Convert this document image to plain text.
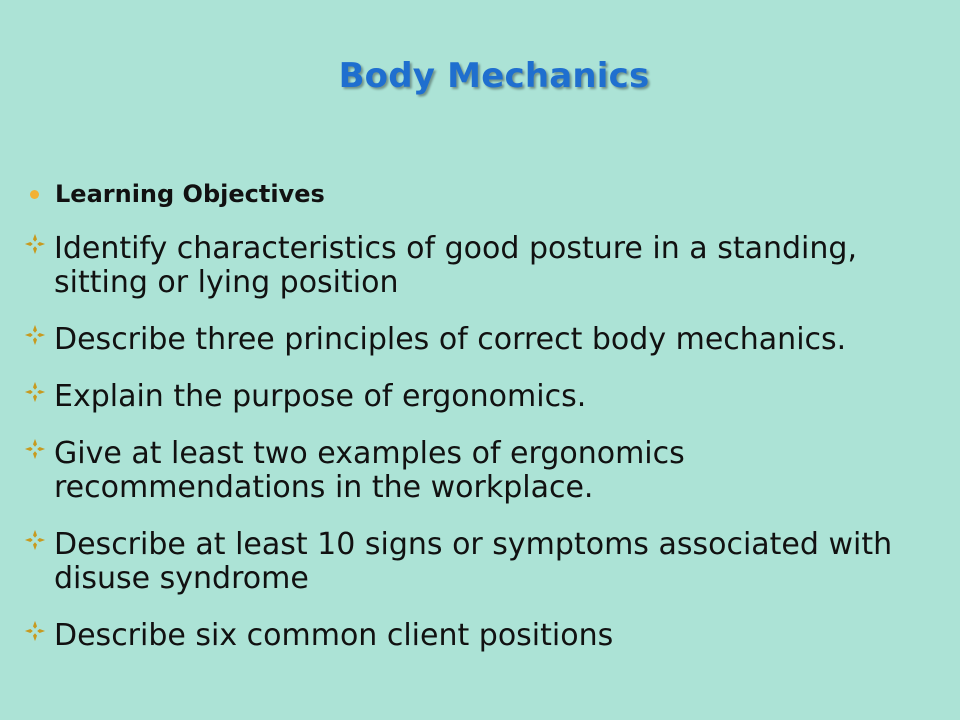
Body Mechanics
Learning Objectives
Identify characteristics of good posture in a standing, sitting or lying position
Describe three principles of correct body mechanics.
Explain the purpose of ergonomics.
Give at least two examples of ergonomics recommendations in the workplace.
Describe at least 10 signs or symptoms associated with disuse syndrome
Describe six common client positions
